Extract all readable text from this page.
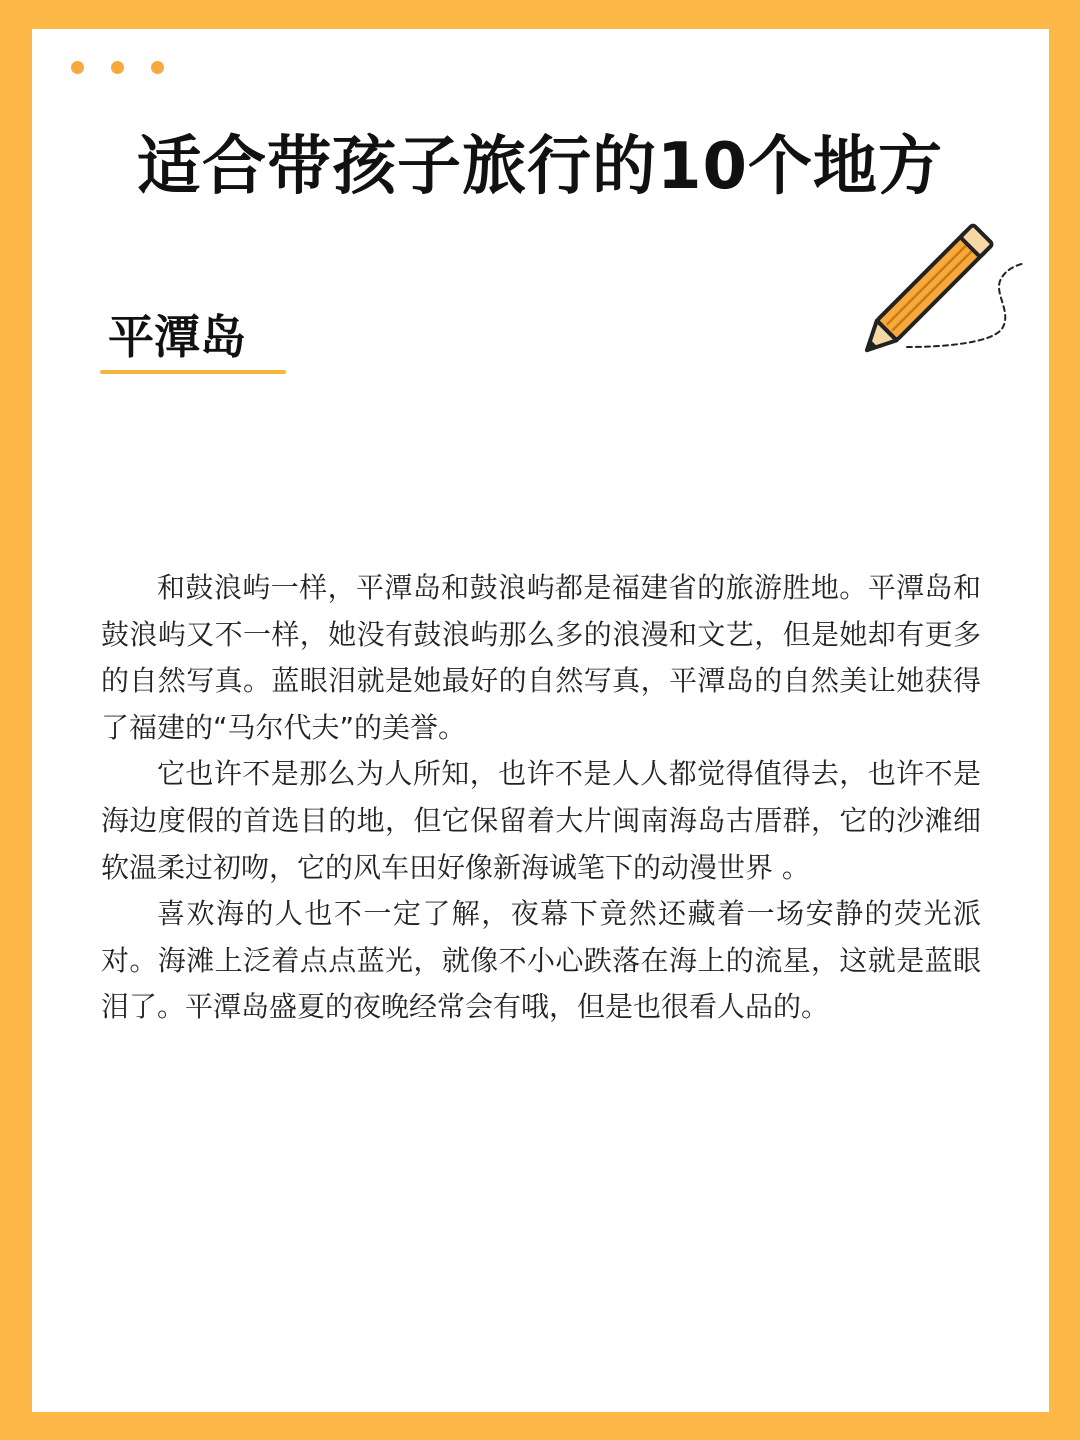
适合带孩子旅行的10个地方
平潭岛

和鼓浪屿一样，平潭岛和鼓浪屿都是福建省的旅游胜地。平潭岛和鼓浪屿又不一样，她没有鼓浪屿那么多的浪漫和文艺，但是她却有更多的自然写真。蓝眼泪就是她最好的自然写真，平潭岛的自然美让她获得了福建的“马尔代夫”的美誉。

它也许不是那么为人所知，也许不是人人都觉得值得去，也许不是海边度假的首选目的地，但它保留着大片闽南海岛古厝群，它的沙滩细软温柔过初吻，它的风车田好像新海诚笔下的动漫世界 。

喜欢海的人也不一定了解，夜幕下竟然还藏着一场安静的荧光派对。海滩上泛着点点蓝光，就像不小心跌落在海上的流星，这就是蓝眼泪了。平潭岛盛夏的夜晚经常会有哦，但是也很看人品的。
